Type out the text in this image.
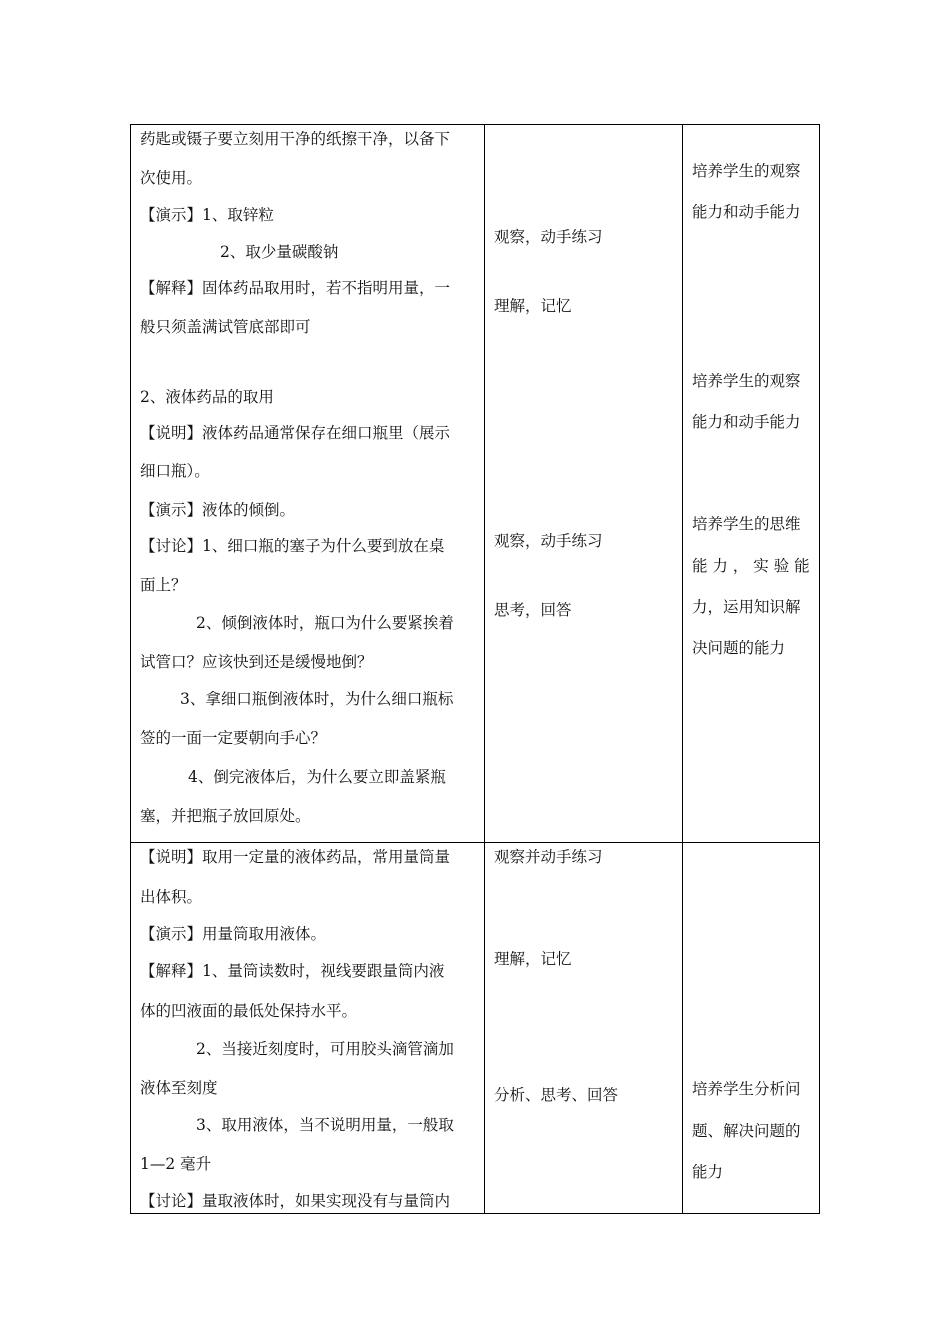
药匙或镊子要立刻用干净的纸擦干净，以备下
次使用。
【演示】1、取锌粒
2、取少量碳酸钠
【解释】固体药品取用时，若不指明用量，一
般只须盖满试管底部即可
2、液体药品的取用
【说明】液体药品通常保存在细口瓶里（展示
细口瓶）。
【演示】液体的倾倒。
【讨论】1、细口瓶的塞子为什么要到放在桌
面上？
2、倾倒液体时，瓶口为什么要紧挨着
试管口？应该快到还是缓慢地倒？
3、拿细口瓶倒液体时，为什么细口瓶标
签的一面一定要朝向手心？
4、倒完液体后，为什么要立即盖紧瓶
塞，并把瓶子放回原处。
观察，动手练习
理解，记忆
观察，动手练习
思考，回答
培养学生的观察
能力和动手能力
培养学生的观察
能力和动手能力
培养学生的思维
能 力 ， 实 验 能
力，运用知识解
决问题的能力
【说明】取用一定量的液体药品，常用量筒量
出体积。
【演示】用量筒取用液体。
【解释】1、量筒读数时，视线要跟量筒内液
体的凹液面的最低处保持水平。
2、当接近刻度时，可用胶头滴管滴加
液体至刻度
3、取用液体，当不说明用量，一般取
1—2 毫升
【讨论】量取液体时，如果实现没有与量筒内
观察并动手练习
理解，记忆
分析、思考、回答	培养学生分析问
题、解决问题的
能力
